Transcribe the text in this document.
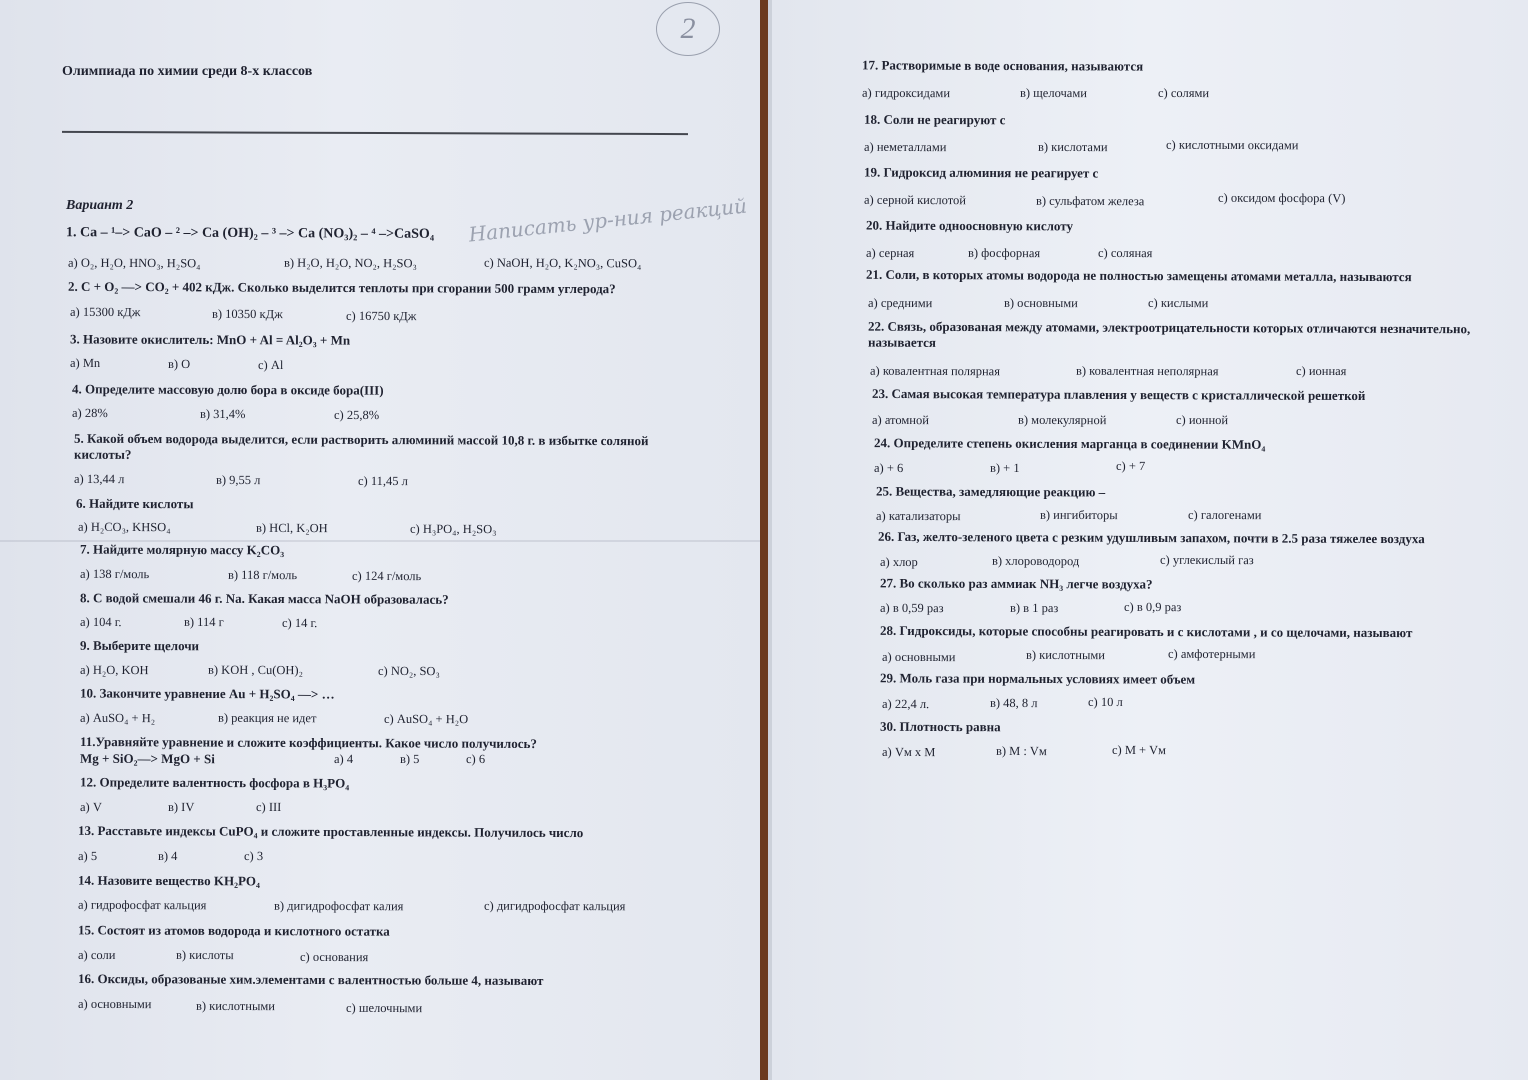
2
Олимпиада по химии среди 8-х классов
Вариант 2
1. Ca – ¹–> CaO – ² –> Ca (OH)₂ – ³ –> Ca (NO₃)₂ – ⁴ –>CaSO₄ Написать ур-ния реакций
а) O₂, H₂O, HNO₃, H₂SO₄	в) H₂O, H₂O, NO₂, H₂SO₃	с) NaOH, H₂O, K₂NO₃, CuSO₄
2. C + O₂ —> CO₂ + 402 кДж. Сколько выделится теплоты при сгорании 500 грамм углерода?
а) 15300 кДж	в) 10350 кДж	с) 16750 кДж
3. Назовите окислитель: MnO + Al = Al₂O₃ + Mn
а) Mn	в) O	с) Al
4. Определите массовую долю бора в оксиде бора(III)
а) 28%	в) 31,4%	с) 25,8%
5. Какой объем водорода выделится, если растворить алюминий массой 10,8 г. в избытке соляной кислоты?
а) 13,44 л	в) 9,55 л	с) 11,45 л
6. Найдите кислоты
а) H₂CO₃, KHSO₄	в) HCl, K₂OH	с) H₃PO₄, H₂SO₃
7. Найдите молярную массу K₂CO₃
а) 138 г/моль	в) 118 г/моль	с) 124 г/моль
8. С водой смешали 46 г. Na. Какая масса NaOH образовалась?
а) 104 г.	в) 114 г	с) 14 г.
9. Выберите щелочи
а) H₂O, KOH	в) KOH , Cu(OH)₂	с) NO₂, SO₃
10. Закончите уравнение Au + H₂SO₄ —> …
а) AuSO₄ + H₂	в) реакция не идет	с) AuSO₄ + H₂O
11.Уравняйте уравнение и сложите коэффициенты. Какое число получилось?
Mg + SiO₂—> MgO + Si	а) 4	в) 5	с) 6
12. Определите валентность фосфора в H₃PO₄
а) V	в) IV	с) III
13. Расставьте индексы CuPO₄ и сложите проставленные индексы. Получилось число
а) 5	в) 4	с) 3
14. Назовите вещество KH₂PO₄
а) гидрофосфат кальция	в) дигидрофосфат калия	с) дигидрофосфат кальция
15. Состоят из атомов водорода и кислотного остатка
а) соли	в) кислоты	с) основания
16. Оксиды, образованые хим.элементами с валентностью больше 4, называют
а) основными	в) кислотными	с) шелочными
17. Растворимые в воде основания, называются
а) гидроксидами	в) щелочами	с) солями
18. Соли не реагируют с
а) неметаллами	в) кислотами	с) кислотными оксидами
19. Гидроксид алюминия не реагирует с
а) серной кислотой	в) сульфатом железа	с) оксидом фосфора (V)
20. Найдите одноосновную кислоту
а) серная	в) фосфорная	с) соляная
21. Соли, в которых атомы водорода не полностью замещены атомами металла, называются
а) средними	в) основными	с) кислыми
22. Связь, образованая между атомами, электроотрицательности которых отличаются незначительно, называется
а) ковалентная полярная	в) ковалентная неполярная	с) ионная
23. Самая высокая температура плавления у веществ с кристаллической решеткой
а) атомной	в) молекулярной	с) ионной
24. Определите степень окисления марганца в соединении KMnO₄
а) + 6	в) + 1	с) + 7
25. Вещества, замедляющие реакцию –
а) катализаторы	в) ингибиторы	с) галогенами
26. Газ, желто-зеленого цвета с резким удушливым запахом, почти в 2.5 раза тяжелее воздуха
а) хлор	в) хлороводород	с) углекислый газ
27. Во сколько раз аммиак NH₃ легче воздуха?
а) в 0,59 раз	в) в 1 раз	с) в 0,9 раз
28. Гидроксиды, которые способны реагировать и с кислотами , и со щелочами, называют
а) основными	в) кислотными	с) амфотерными
29. Моль газа при нормальных условиях имеет объем
а) 22,4 л.	в) 48, 8 л	с) 10 л
30. Плотность равна
а) Vм x M	в) M : Vм	с) M + Vм
